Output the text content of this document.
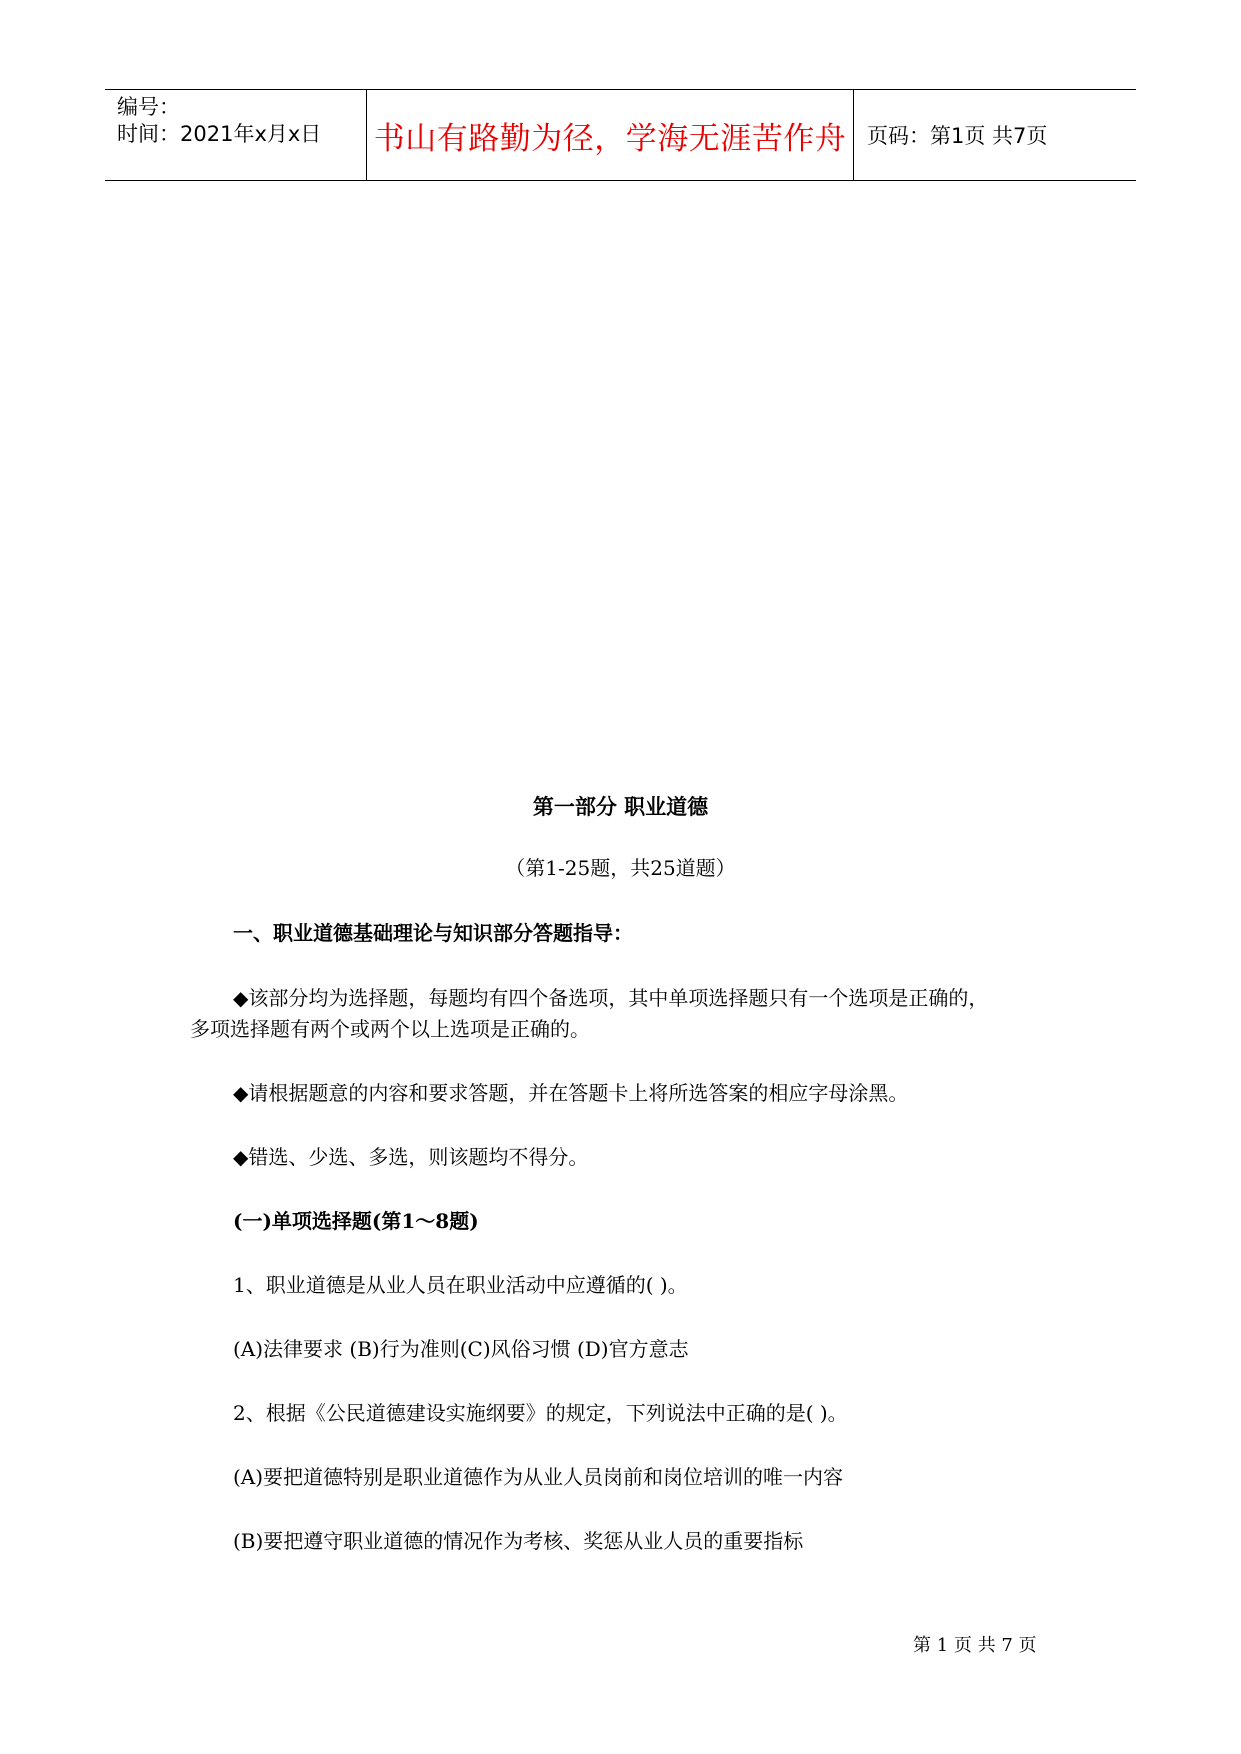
编号：
时间：2021年x月x日	书山有路勤为径，学海无涯苦作舟 页码：第1页 共7页
第一部分 职业道德
（第1-25题，共25道题）
一、职业道德基础理论与知识部分答题指导：
◆该部分均为选择题，每题均有四个备选项，其中单项选择题只有一个选项是正确的，
多项选择题有两个或两个以上选项是正确的。
◆请根据题意的内容和要求答题，并在答题卡上将所选答案的相应字母涂黑。
◆错选、少选、多选，则该题均不得分。
(一)单项选择题(第1～8题)
1、职业道德是从业人员在职业活动中应遵循的( )。
(A)法律要求 (B)行为准则(C)风俗习惯 (D)官方意志
2、根据《公民道德建设实施纲要》的规定，下列说法中正确的是( )。
(A)要把道德特别是职业道德作为从业人员岗前和岗位培训的唯一内容
(B)要把遵守职业道德的情况作为考核、奖惩从业人员的重要指标
第 1 页 共 7 页
